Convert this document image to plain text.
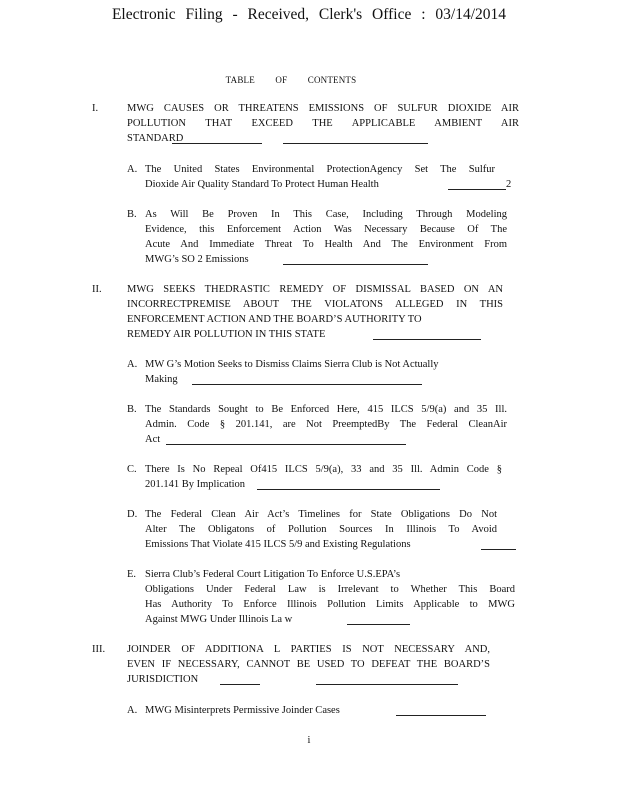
Electronic Filing - Received, Clerk's Office : 03/14/2014
TABLE OF CONTENTS
I.	MWG CAUSES OR THREATENS EMISSIONS OF SULFUR DIOXIDE AIR
POLLUTION THAT EXCEED THE APPLICABLE AMBIENT AIR
STANDARD
A. The United States Environmental ProtectionAgency Set The Sulfur
Dioxide Air Quality Standard To Protect Human Health	2
B. As Will Be Proven In This Case, Including Through Modeling
Evidence, this Enforcement Action Was Necessary Because Of The
Acute And Immediate Threat To Health And The Environment From
MWG’s SO 2 Emissions
II. MWG SEEKS THEDRASTIC REMEDY OF DISMISSAL BASED ON AN
INCORRECTPREMISE ABOUT THE VIOLATONS ALLEGED IN THIS
ENFORCEMENT ACTION AND THE BOARD’S AUTHORITY TO
REMEDY AIR POLLUTION IN THIS STATE
A. MW G’s Motion Seeks to Dismiss Claims Sierra Club is Not Actually
Making
B. The Standards Sought to Be Enforced Here, 415 ILCS 5/9(a) and 35 Ill.
Admin. Code § 201.141, are Not PreemptedBy The Federal CleanAir
Act
C. There Is No Repeal Of415 ILCS 5/9(a), 33 and 35 Ill. Admin Code §
201.141 By Implication
D. The Federal Clean Air Act’s Timelines for State Obligations Do Not
Alter The Obligatons of Pollution Sources In Illinois To Avoid
Emissions That Violate 415 ILCS 5/9 and Existing Regulations
E. Sierra Club’s Federal Court Litigation To Enforce U.S.EPA’s
Obligations Under Federal Law is Irrelevant to Whether This Board
Has Authority To Enforce Illinois Pollution Limits Applicable to MWG
Against MWG Under Illinois La w
III. JOINDER OF ADDITIONA L PARTIES IS NOT NECESSARY AND,
EVEN IF NECESSARY, CANNOT BE USED TO DEFEAT THE BOARD’S
JURISDICTION
A. MWG Misinterprets Permissive Joinder Cases
i
